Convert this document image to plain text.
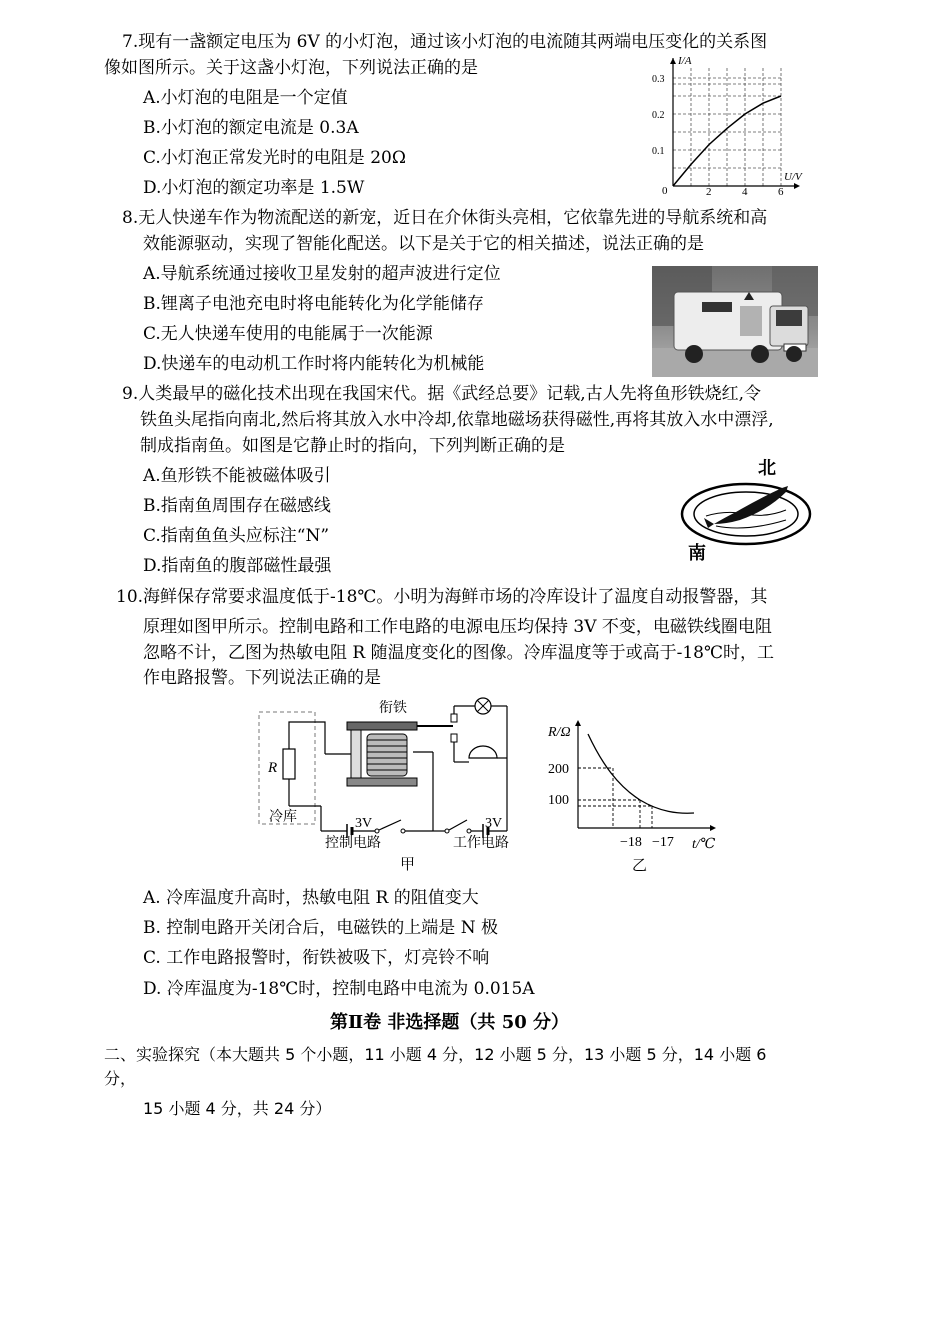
7.现有一盏额定电压为 6V 的小灯泡，通过该小灯泡的电流随其两端电压变化的关系图
像如图所示。关于这盏小灯泡，下列说法正确的是
A.小灯泡的电阻是一个定值
B.小灯泡的额定电流是 0.3A
C.小灯泡正常发光时的电阻是 20Ω
D.小灯泡的额定功率是 1.5W
I/A
U/V
0
0.1
0.2
0.3
2	4	6
8.无人快递车作为物流配送的新宠，近日在介休街头亮相，它依靠先进的导航系统和高
效能源驱动，实现了智能化配送。以下是关于它的相关描述，说法正确的是
A.导航系统通过接收卫星发射的超声波进行定位
B.锂离子电池充电时将电能转化为化学能储存
C.无人快递车使用的电能属于一次能源
D.快递车的电动机工作时将内能转化为机械能
9.人类最早的磁化技术出现在我国宋代。据《武经总要》记载,古人先将鱼形铁烧红,令
铁鱼头尾指向南北,然后将其放入水中冷却,依靠地磁场获得磁性,再将其放入水中漂浮,
制成指南鱼。如图是它静止时的指向，下列判断正确的是
A.鱼形铁不能被磁体吸引
B.指南鱼周围存在磁感线
C.指南鱼鱼头应标注“N”
D.指南鱼的腹部磁性最强
北
南
10.海鲜保存常要求温度低于-18℃。小明为海鲜市场的冷库设计了温度自动报警器，其
原理如图甲所示。控制电路和工作电路的电源电压均保持 3V 不变，电磁铁线圈电阻
忽略不计，乙图为热敏电阻 R 随温度变化的图像。冷库温度等于或高于-18℃时，工
作电路报警。下列说法正确的是
衔铁
R
冷库	3V	3V
控制电路	工作电路
甲
R/Ω
t/℃
200
100
−18 −17
乙
A. 冷库温度升高时，热敏电阻 R 的阻值变大
B. 控制电路开关闭合后，电磁铁的上端是 N 极
C. 工作电路报警时，衔铁被吸下，灯亮铃不响
D. 冷库温度为-18℃时，控制电路中电流为 0.015A
第Ⅱ卷 非选择题（共 50 分）
二、实验探究（本大题共 5 个小题，11 小题 4 分，12 小题 5 分，13 小题 5 分，14 小题 6
分，
15 小题 4 分，共 24 分）
